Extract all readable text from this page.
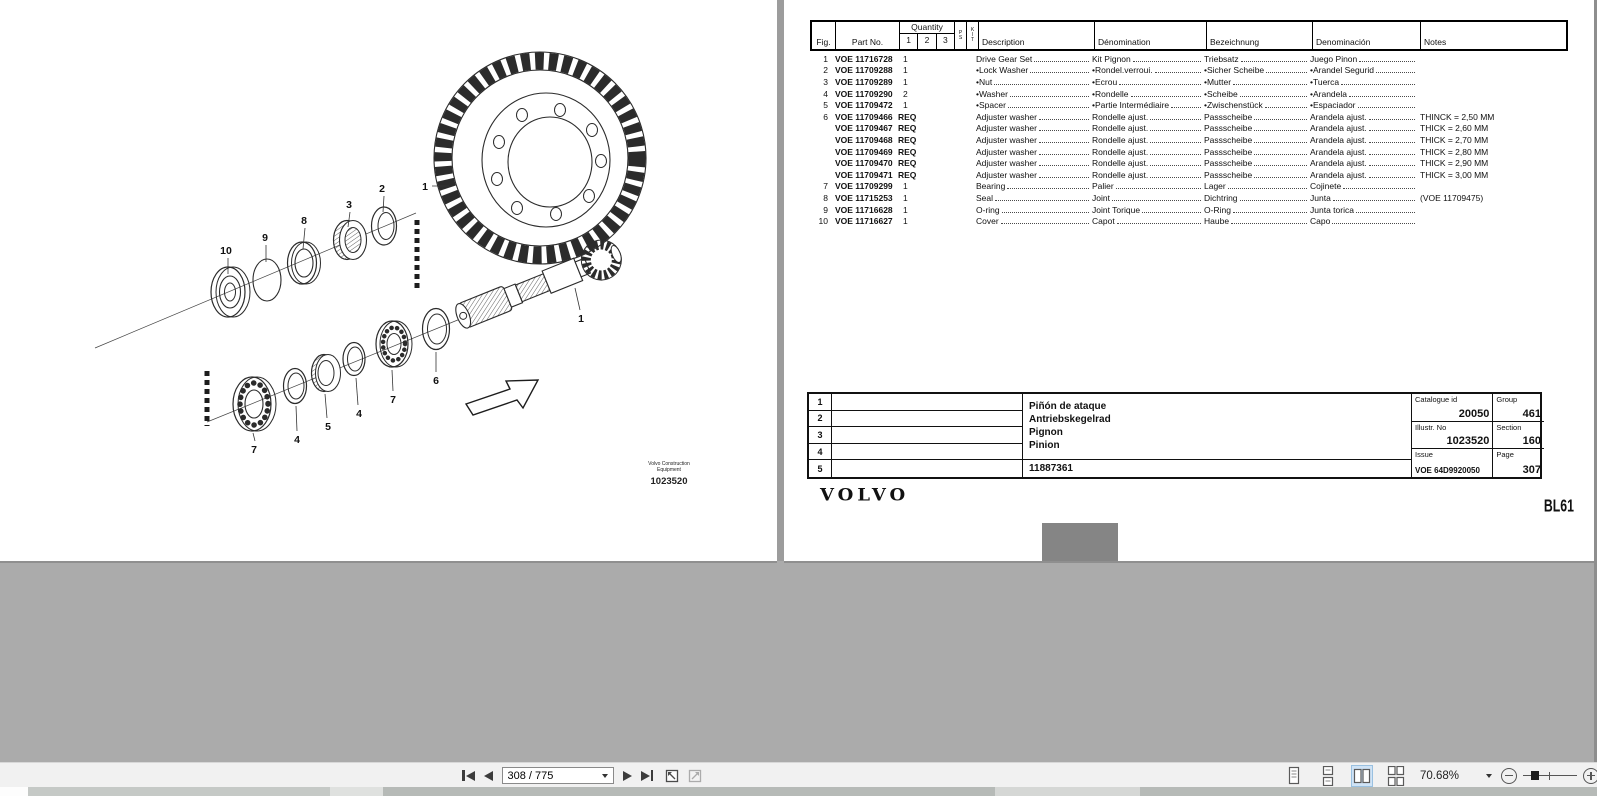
1
2
3
8
9
10
1
6
7
4
5
4
7
Volvo Construction
Equipment
1023520
Fig.	Part No.
Quantity
1	2	3
P
S
K
I
T Description	Dénomination	Bezeichnung	Denominación	Notes
1 VOE 11716728	1	Drive Gear Set	Kit Pignon	Triebsatz	Juego Pinon
2 VOE 11709288	1	•Lock Washer	•Rondel.verroui.	•Sicher Scheibe	•Arandel Segurid
3 VOE 11709289	1	•Nut	•Ecrou	•Mutter	•Tuerca
4 VOE 11709290	2	•Washer	•Rondelle	•Scheibe	•Arandela
5 VOE 11709472	1	•Spacer	•Partie Intermédiaire	•Zwischenstück	•Espaciador
6 VOE 11709466 REQ	Adjuster washer	Rondelle ajust.	Passscheibe	Arandela ajust.	THINCK = 2,50 MM
VOE 11709467 REQ	Adjuster washer	Rondelle ajust.	Passscheibe	Arandela ajust.	THICK = 2,60 MM
VOE 11709468 REQ	Adjuster washer	Rondelle ajust.	Passscheibe	Arandela ajust.	THICK = 2,70 MM
VOE 11709469 REQ	Adjuster washer	Rondelle ajust.	Passscheibe	Arandela ajust.	THICK = 2,80 MM
VOE 11709470 REQ	Adjuster washer	Rondelle ajust.	Passscheibe	Arandela ajust.	THICK = 2,90 MM
VOE 11709471 REQ	Adjuster washer	Rondelle ajust.	Passscheibe	Arandela ajust.	THICK = 3,00 MM
7 VOE 11709299	1	Bearing	Palier	Lager	Cojinete
8 VOE 11715253	1	Seal	Joint	Dichtring	Junta	(VOE 11709475)
9 VOE 11716628	1	O-ring	Joint Torique	O-Ring	Junta torica
10 VOE 11716627	1	Cover	Capot	Haube	Capo
1
2
3
4
5
Piñón de ataque
Antriebskegelrad
Pignon
Pinion
11887361
Catalogue id
20050
Group
461
Illustr. No
1023520
Section
160
Issue
VOE 64D9920050
Page
307
VOLVO
BL61
308 / 775
70.68%
